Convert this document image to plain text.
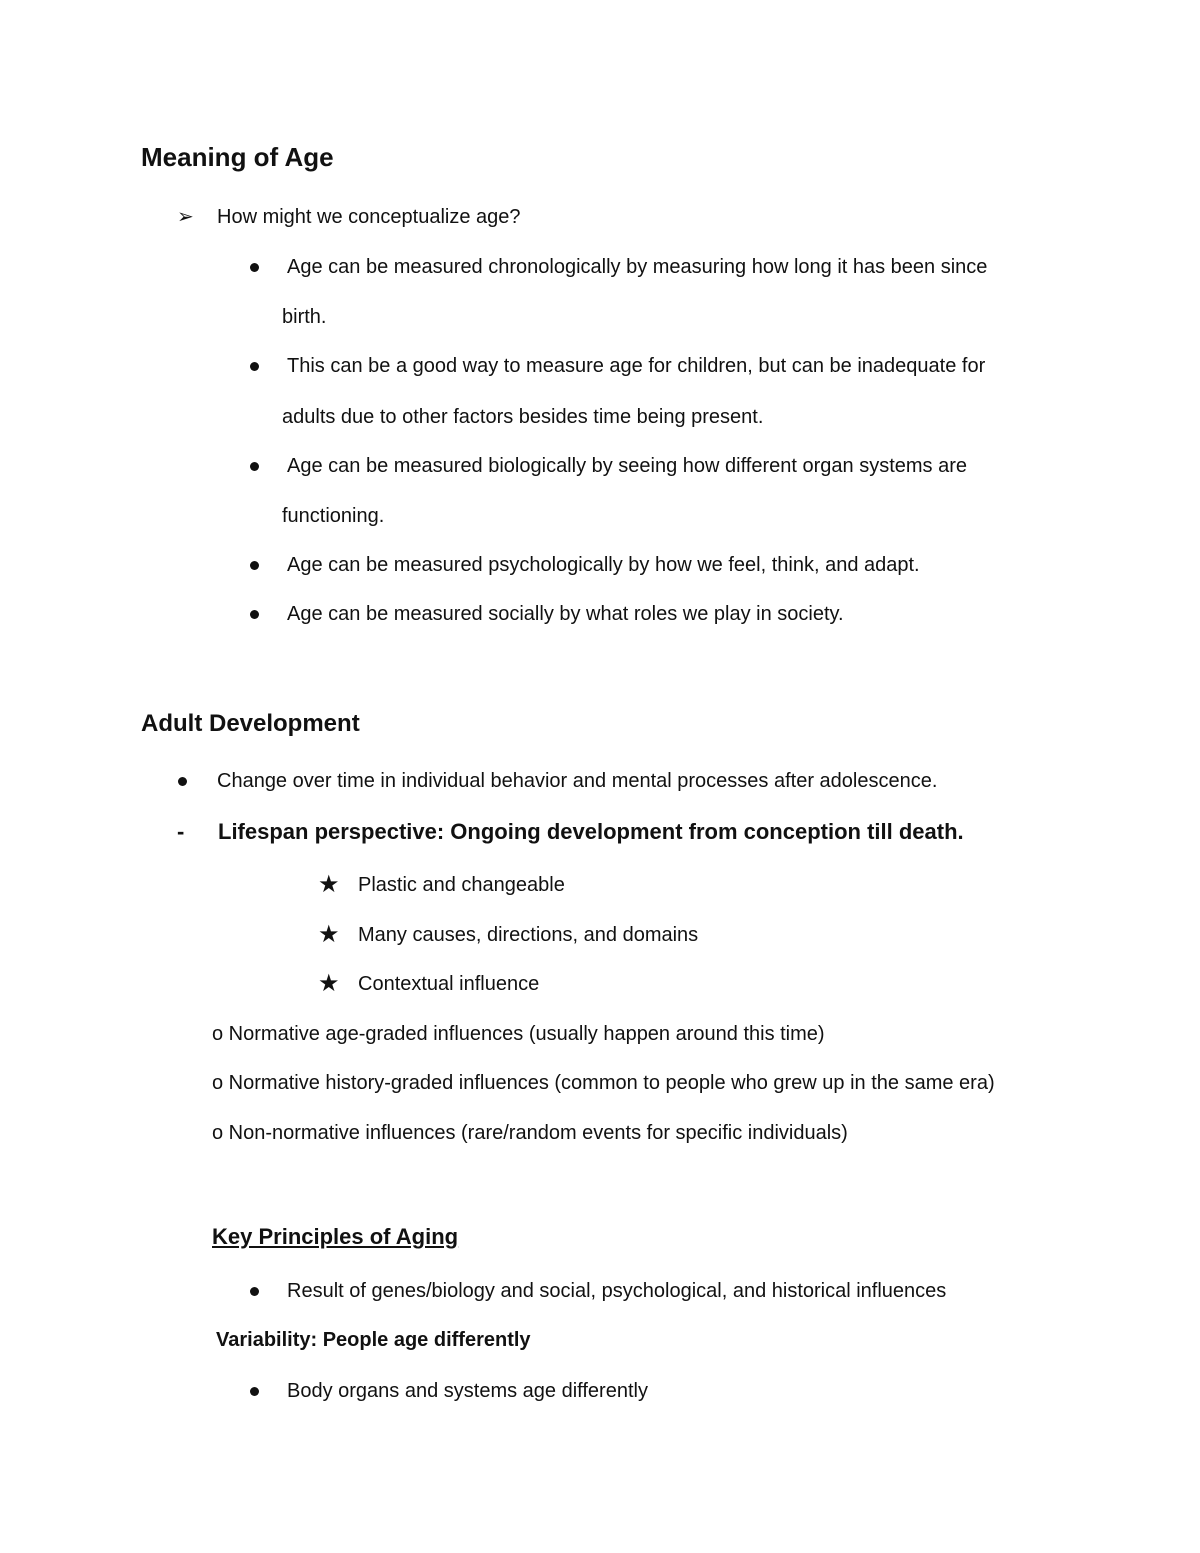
Meaning of Age
➢ How might we conceptualize age?
Age can be measured chronologically by measuring how long it has been since
birth.
This can be a good way to measure age for children, but can be inadequate for
adults due to other factors besides time being present.
Age can be measured biologically by seeing how different organ systems are
functioning.
Age can be measured psychologically by how we feel, think, and adapt.
Age can be measured socially by what roles we play in society.
Adult Development
Change over time in individual behavior and mental processes after adolescence.
- Lifespan perspective: Ongoing development from conception till death.
★ Plastic and changeable
★ Many causes, directions, and domains
★ Contextual influence
o Normative age-graded influences (usually happen around this time)
o Normative history-graded influences (common to people who grew up in the same era)
o Non-normative influences (rare/random events for specific individuals)
Key Principles of Aging
Result of genes/biology and social, psychological, and historical influences
Variability: People age differently
Body organs and systems age differently
